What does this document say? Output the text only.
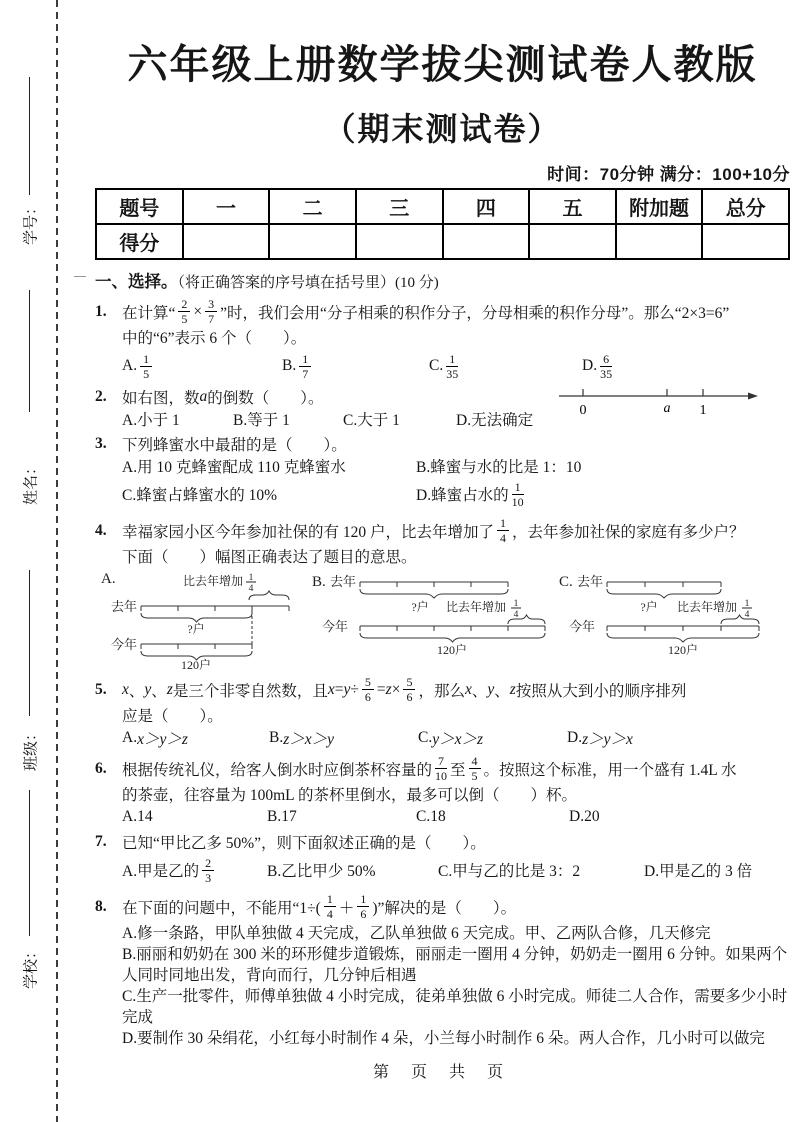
学号：
姓名：
班级：
学校：
六年级上册数学拔尖测试卷人教版
（期末测试卷）
时间：70分钟 满分：100+10分
题号	一	二	三	四	五	附加题	总分
得分							
一、选择。（将正确答案的序号填在括号里）(10 分)
1. 在计算“ $\frac{2}{5} \times \frac{3}{7}$ ”时，我们会用“分子相乘的积作分子，分母相乘的积作分母”。那么“2×3=6”
中的“6”表示 6 个（　　）。
A. $\frac{1}{5}$	B. $\frac{1}{7}$	C. $\frac{1}{35}$	D. $\frac{6}{35}$
2. 如右图，数 a 的倒数（　　）。
A.小于 1	B.等于 1	C.大于 1	D.无法确定
0	a 1
3. 下列蜂蜜水中最甜的是（　　）。
A.用 10 克蜂蜜配成 110 克蜂蜜水	B.蜂蜜与水的比是 1：10
C.蜂蜜占蜂蜜水的 10%	D.蜂蜜占水的 $\frac{1}{10}$
4. 幸福家园小区今年参加社保的有 120 户，比去年增加了 $\frac{1}{4}$ ，去年参加社保的家庭有多少户？
下面（　　）幅图正确表达了题目的意思。
A.	比去年增加 1
4
去年
?户
今年
120户
B. 去年
?户 比去年增加 1
4
今年
120户
C. 去年
?户 比去年增加 1
4
今年
120户
5. x 、 y 、 z 是三个非零自然数，且 $x = y \div \frac{5}{6} = z \times \frac{5}{6}$ ，那么 x 、 y 、 z 按照从大到小的顺序排列
应是（　　）。
A. x＞y＞z	B. z＞x＞y	C. y＞x＞z	D. z＞y＞x
6. 根据传统礼仪，给客人倒水时应倒茶杯容量的 $\frac{7}{10}$ 至 $\frac{4}{5}$ 。按照这个标准，用一个盛有 1.4L 水
的茶壶，往容量为 100mL 的茶杯里倒水，最多可以倒（　　）杯。
A.14	B.17	C.18	D.20
7. 已知“甲比乙多 50%”，则下面叙述正确的是（　　）。
A.甲是乙的 $\frac{2}{3}$	B.乙比甲少 50%	C.甲与乙的比是 3：2	D.甲是乙的 3 倍
8. 在下面的问题中，不能用“$1\div( \frac{1}{4} + \frac{1}{6}$ )”解决的是（　　）。
A.修一条路，甲队单独做 4 天完成，乙队单独做 6 天完成。甲、乙两队合修，几天修完
B.丽丽和奶奶在 300 米的环形健步道锻炼，丽丽走一圈用 4 分钟，奶奶走一圈用 6 分钟。如果两个人同时同地出发，背向而行，几分钟后相遇
C.生产一批零件，师傅单独做 4 小时完成，徒弟单独做 6 小时完成。师徒二人合作，需要多少小时完成
D.要制作 30 朵绢花，小红每小时制作 4 朵，小兰每小时制作 6 朵。两人合作，几小时可以做完
第 页 共 页
